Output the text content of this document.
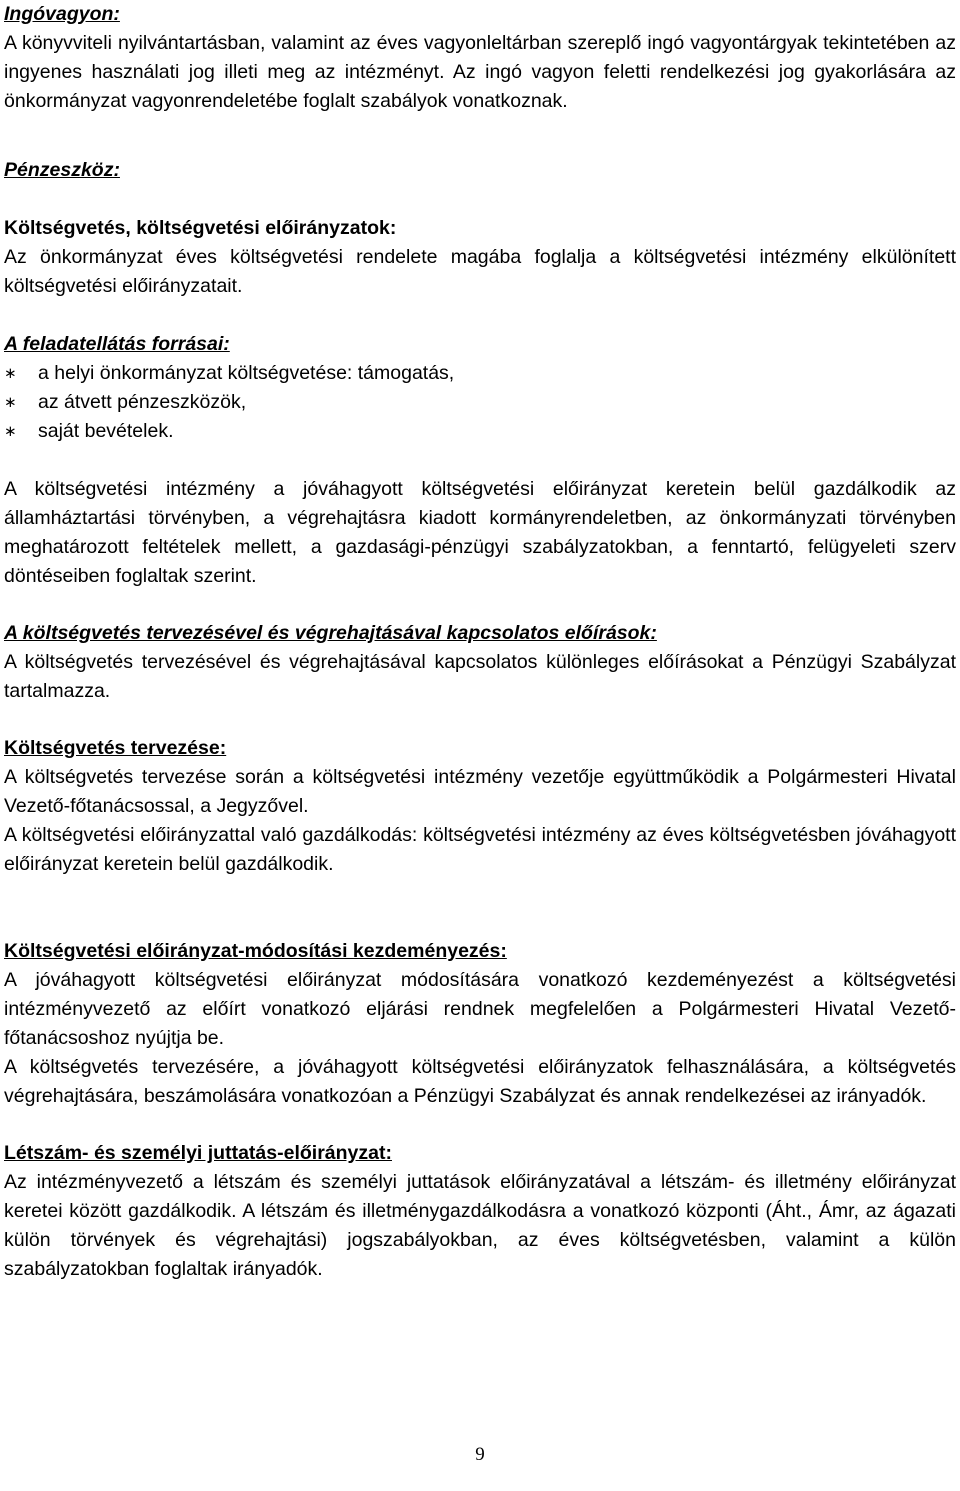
Ingóvagyon:

A könyvviteli nyilvántartásban, valamint az éves vagyonleltárban szereplő ingó vagyontárgyak tekintetében az ingyenes használati jog illeti meg az intézményt. Az ingó vagyon feletti rendelkezési jog gyakorlására az önkormányzat vagyonrendeletébe foglalt szabályok vonatkoznak.

Pénzeszköz:

Költségvetés, költségvetési előirányzatok:

Az önkormányzat éves költségvetési rendelete magába foglalja a költségvetési intézmény elkülönített költségvetési előirányzatait.

A feladatellátás forrásai:

∗ a helyi önkormányzat költségvetése: támogatás,
∗ az átvett pénzeszközök,
∗ saját bevételek.

A költségvetési intézmény a jóváhagyott költségvetési előirányzat keretein belül gazdálkodik az államháztartási törvényben, a végrehajtásra kiadott kormányrendeletben, az önkormányzati törvényben meghatározott feltételek mellett, a gazdasági-pénzügyi szabályzatokban, a fenntartó, felügyeleti szerv döntéseiben foglaltak szerint.

A költségvetés tervezésével és végrehajtásával kapcsolatos előírások:

A költségvetés tervezésével és végrehajtásával kapcsolatos különleges előírásokat a Pénzügyi Szabályzat tartalmazza.

Költségvetés tervezése:

A költségvetés tervezése során a költségvetési intézmény vezetője együttműködik a Polgármesteri Hivatal Vezető-főtanácsossal, a Jegyzővel.

A költségvetési előirányzattal való gazdálkodás: költségvetési intézmény az éves költségvetésben jóváhagyott előirányzat keretein belül gazdálkodik.

Költségvetési előirányzat-módosítási kezdeményezés:

A jóváhagyott költségvetési előirányzat módosítására vonatkozó kezdeményezést a költségvetési intézményvezető az előírt vonatkozó eljárási rendnek megfelelően a Polgármesteri Hivatal Vezető-főtanácsoshoz nyújtja be.

A költségvetés tervezésére, a jóváhagyott költségvetési előirányzatok felhasználására, a költségvetés végrehajtására, beszámolására vonatkozóan a Pénzügyi Szabályzat és annak rendelkezései az irányadók.

Létszám- és személyi juttatás-előirányzat:

Az intézményvezető a létszám és személyi juttatások előirányzatával a létszám- és illetmény előirányzat keretei között gazdálkodik. A létszám és illetménygazdálkodásra a vonatkozó központi (Áht., Ámr, az ágazati külön törvények és végrehajtási) jogszabályokban, az éves költségvetésben, valamint a külön szabályzatokban foglaltak irányadók.

9
